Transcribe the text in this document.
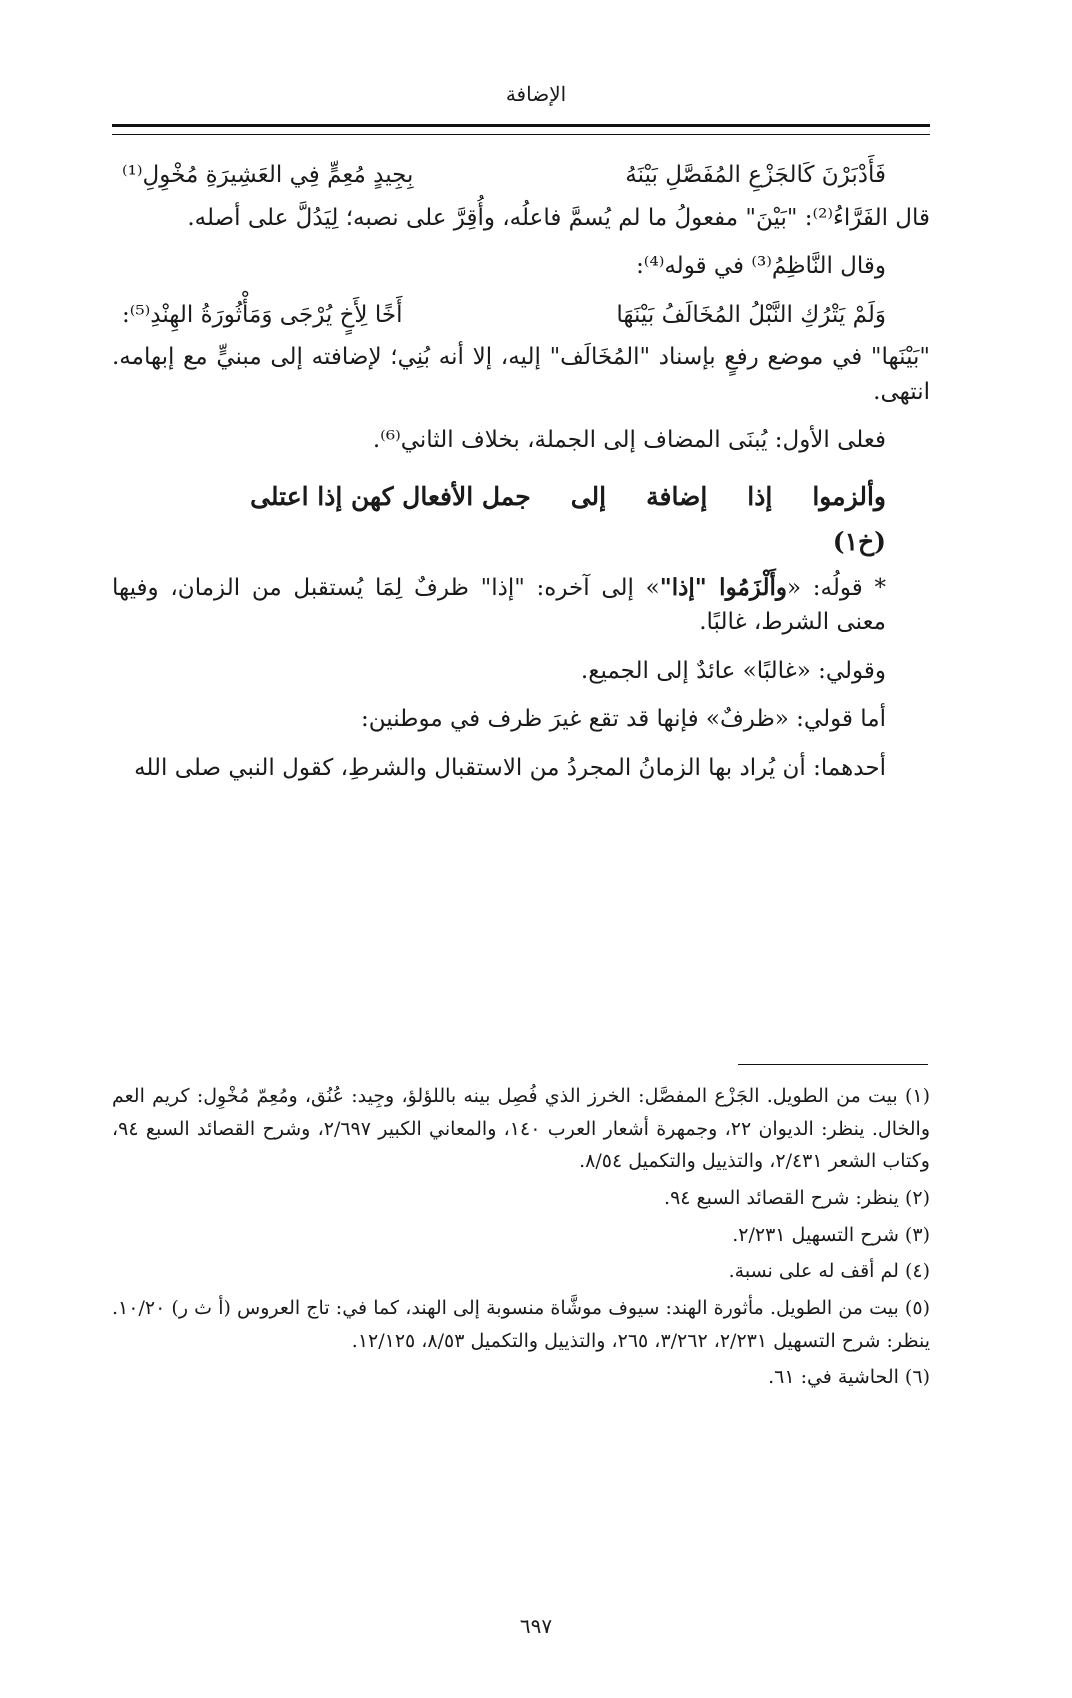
الإضافة

فَأَدْبَرْنَ كَالجَزْعِ المُفَصَّلِ بَيْنَهُ
بِجِيدٍ مُعِمٍّ فِي العَشِيرَةِ مُخْوِلِ⁽¹⁾

قال الفَرَّاءُ⁽²⁾: "بَيْنَ" مفعولُ ما لم يُسمَّ فاعلُه، وأُقِرَّ على نصبه؛ لِيَدُلَّ على أصله.

وقال النَّاظِمُ⁽³⁾ في قوله⁽⁴⁾:

وَلَمْ يَتْرُكِ النَّبْلُ المُخَالَفُ بَيْنَهَا
أَخًا لِأَخٍ يُرْجَى وَمَأْثُورَةُ الهِنْدِ⁽⁵⁾:

"بَيْنَها" في موضع رفعٍ بإسناد "المُخَالَف" إليه، إلا أنه بُنِي؛ لإضافته إلى مبنيٍّ مع إبهامه. انتهى.

فعلى الأول: يُبنَى المضاف إلى الجملة، بخلاف الثاني⁽⁶⁾.

وألزموا
إذا
إضافة
إلى
جمل الأفعال كهن إذا اعتلى

(خ١)

* قولُه: «وأَلْزَمُوا "إذا"» إلى آخره: "إذا" ظرفٌ لِمَا يُستقبل من الزمان، وفيها معنى الشرط، غالبًا.

وقولي: «غالبًا» عائدٌ إلى الجميع.

أما قولي: «ظرفٌ» فإنها قد تقع غيرَ ظرف في موطنين:

أحدهما: أن يُراد بها الزمانُ المجردُ من الاستقبال والشرطِ، كقول النبي صلى الله

(١) بيت من الطويل. الجَزْع المفصَّل: الخرز الذي فُصِل بينه باللؤلؤ، وجِيد: عُنُق، ومُعِمّ مُخْوِل: كريم العم والخال. ينظر: الديوان ٢٢، وجمهرة أشعار العرب ١٤٠، والمعاني الكبير ٢/٦٩٧، وشرح القصائد السبع ٩٤، وكتاب الشعر ٢/٤٣١، والتذييل والتكميل ٨/٥٤.

(٢) ينظر: شرح القصائد السبع ٩٤.

(٣) شرح التسهيل ٢/٢٣١.

(٤) لم أقف له على نسبة.

(٥) بيت من الطويل. مأثورة الهند: سيوف موشَّاة منسوبة إلى الهند، كما في: تاج العروس (أ ث ر) ١٠/٢٠. ينظر: شرح التسهيل ٢/٢٣١، ٣/٢٦٢، ٢٦٥، والتذييل والتكميل ٨/٥٣، ١٢/١٢٥.

(٦) الحاشية في: ٦١.

٦٩٧
